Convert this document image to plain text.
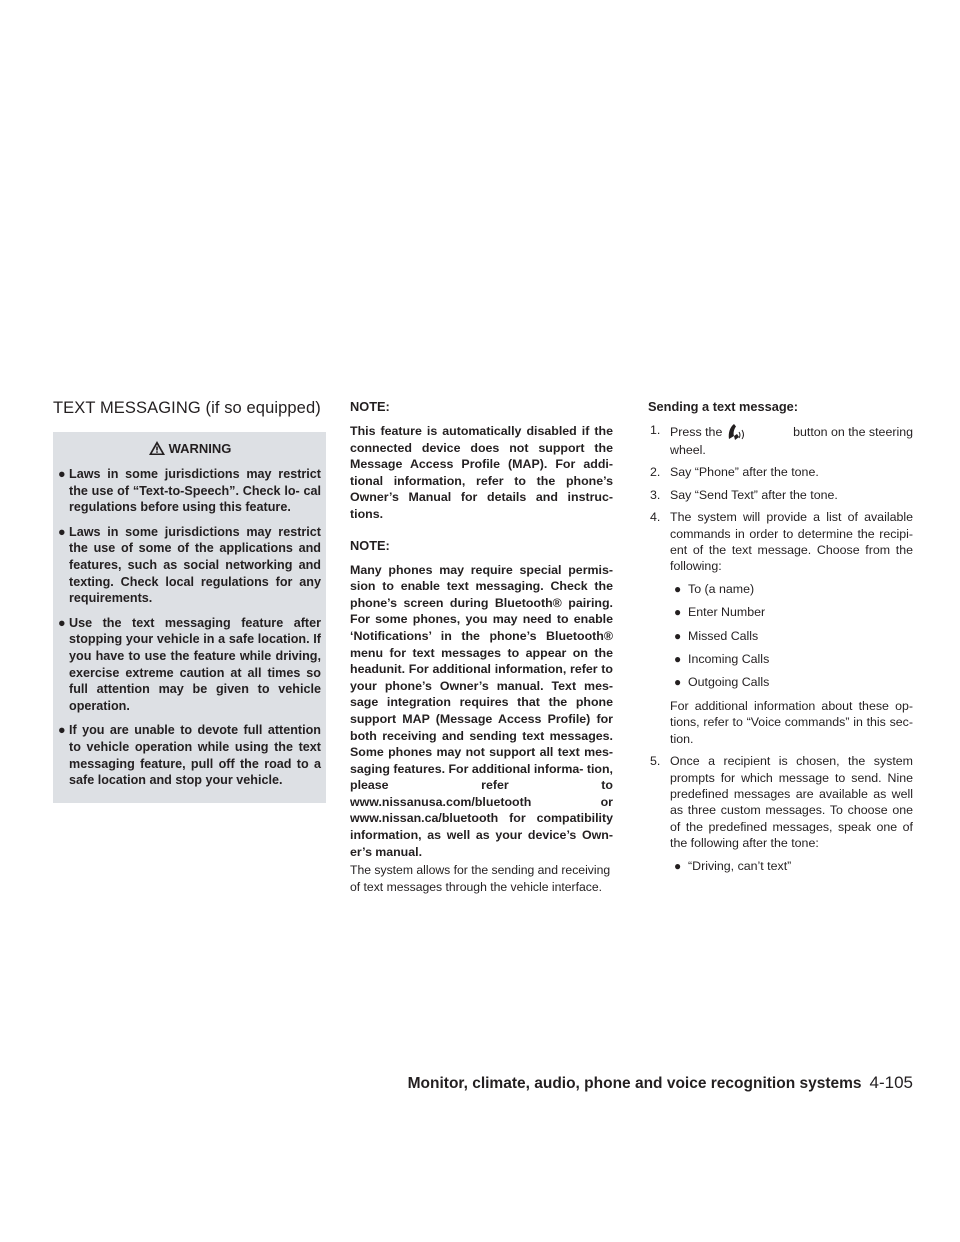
TEXT MESSAGING (if so equipped)
WARNING
● Laws in some jurisdictions may restrict the use of “Text-to-Speech”. Check lo- cal regulations before using this feature.
● Laws in some jurisdictions may restrict the use of some of the applications and features, such as social networking and texting. Check local regulations for any requirements.
● Use the text messaging feature after stopping your vehicle in a safe location. If you have to use the feature while driving, exercise extreme caution at all times so full attention may be given to vehicle operation.
● If you are unable to devote full attention to vehicle operation while using the text messaging feature, pull off the road to a safe location and stop your vehicle.
NOTE:

This feature is automatically disabled if the connected device does not support the Message Access Profile (MAP). For addi- tional information, refer to the phone’s Owner’s Manual for details and instruc- tions.

NOTE:

Many phones may require special permis- sion to enable text messaging. Check the phone’s screen during Bluetooth® pairing. For some phones, you may need to enable ‘Notifications’ in the phone’s Bluetooth® menu for text messages to appear on the headunit. For additional information, refer to your phone’s Owner’s manual. Text mes- sage integration requires that the phone support MAP (Message Access Profile) for both receiving and sending text messages. Some phones may not support all text mes- saging features. For additional informa- tion, please refer to www.nissanusa.com/bluetooth or www.nissan.ca/bluetooth for compatibility information, as well as your device’s Own- er’s manual.

The system allows for the sending and receiving of text messages through the vehicle interface.

Sending a text message:
1. Press the	button on the steering
wheel.
2. Say “Phone” after the tone.
3. Say “Send Text” after the tone.
4. The system will provide a list of available commands in order to determine the recipi- ent of the text message. Choose from the following:
● To (a name)
● Enter Number
● Missed Calls
● Incoming Calls
● Outgoing Calls
For additional information about these op- tions, refer to “Voice commands” in this sec- tion.
5. Once a recipient is chosen, the system prompts for which message to send. Nine predefined messages are available as well as three custom messages. To choose one of the predefined messages, speak one of the following after the tone:
● “Driving, can’t text”
Monitor, climate, audio, phone and voice recognition systems 4-105
